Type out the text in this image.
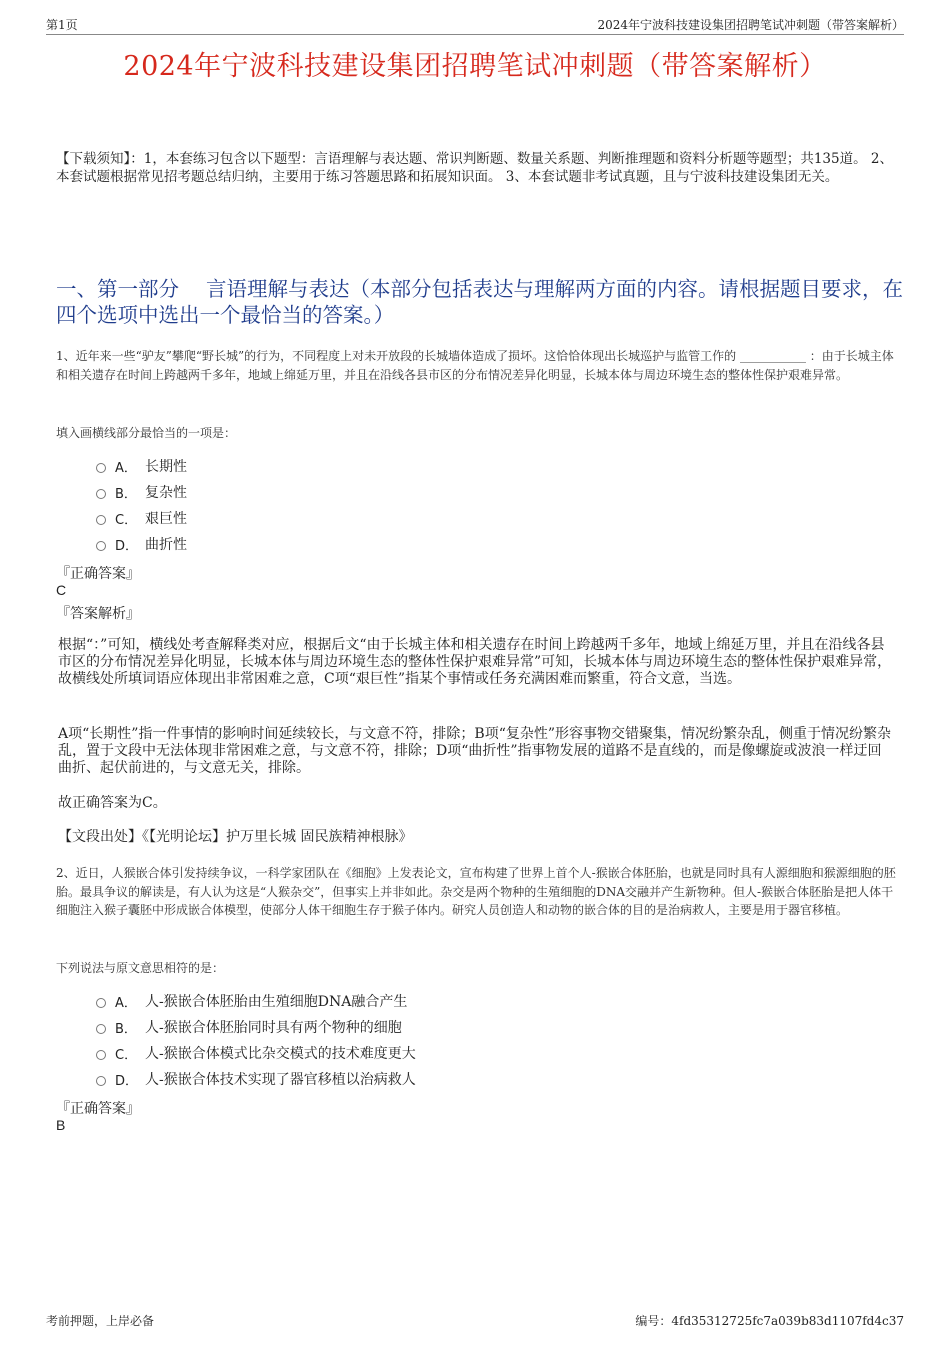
第1页	2024年宁波科技建设集团招聘笔试冲刺题（带答案解析）
2024年宁波科技建设集团招聘笔试冲刺题（带答案解析）
【下载须知】：1，本套练习包含以下题型：言语理解与表达题、常识判断题、数量关系题、判断推理题和资料分析题等题型；共135道。 2、本套试题根据常见招考题总结归纳，主要用于练习答题思路和拓展知识面。 3、本套试题非考试真题，且与宁波科技建设集团无关。
一、第一部分　 言语理解与表达（本部分包括表达与理解两方面的内容。请根据题目要求，在四个选项中选出一个最恰当的答案。）
1、近年来一些“驴友”攀爬“野长城”的行为，不同程度上对未开放段的长城墙体造成了损坏。这恰恰体现出长城巡护与监管工作的 ___________ ：由于长城主体和相关遗存在时间上跨越两千多年，地域上绵延万里，并且在沿线各县市区的分布情况差异化明显，长城本体与周边环境生态的整体性保护艰难异常。
填入画横线部分最恰当的一项是：
A． 长期性
B． 复杂性
C． 艰巨性
D． 曲折性
『正确答案』
C
『答案解析』
根据“：”可知，横线处考查解释类对应，根据后文“由于长城主体和相关遗存在时间上跨越两千多年，地域上绵延万里，并且在沿线各县市区的分布情况差异化明显，长城本体与周边环境生态的整体性保护艰难异常”可知，长城本体与周边环境生态的整体性保护艰难异常，故横线处所填词语应体现出非常困难之意，C项“艰巨性”指某个事情或任务充满困难而繁重，符合文意，当选。
A项“长期性”指一件事情的影响时间延续较长，与文意不符，排除；B项“复杂性”形容事物交错聚集，情况纷繁杂乱，侧重于情况纷繁杂乱，置于文段中无法体现非常困难之意，与文意不符，排除；D项“曲折性”指事物发展的道路不是直线的，而是像螺旋或波浪一样迂回曲折、起伏前进的，与文意无关，排除。
故正确答案为C。
【文段出处】《【光明论坛】护万里长城 固民族精神根脉》
2、近日，人猴嵌合体引发持续争议，一科学家团队在《细胞》上发表论文，宣布构建了世界上首个人-猴嵌合体胚胎，也就是同时具有人源细胞和猴源细胞的胚胎。最具争议的解读是，有人认为这是“人猴杂交”，但事实上并非如此。杂交是两个物种的生殖细胞的DNA交融并产生新物种。但人-猴嵌合体胚胎是把人体干细胞注入猴子囊胚中形成嵌合体模型，使部分人体干细胞生存于猴子体内。研究人员创造人和动物的嵌合体的目的是治病救人，主要是用于器官移植。
下列说法与原文意思相符的是：
A． 人-猴嵌合体胚胎由生殖细胞DNA融合产生
B． 人-猴嵌合体胚胎同时具有两个物种的细胞
C． 人-猴嵌合体模式比杂交模式的技术难度更大
D． 人-猴嵌合体技术实现了器官移植以治病救人
『正确答案』
B
考前押题，上岸必备	编号：4fd35312725fc7a039b83d1107fd4c37
